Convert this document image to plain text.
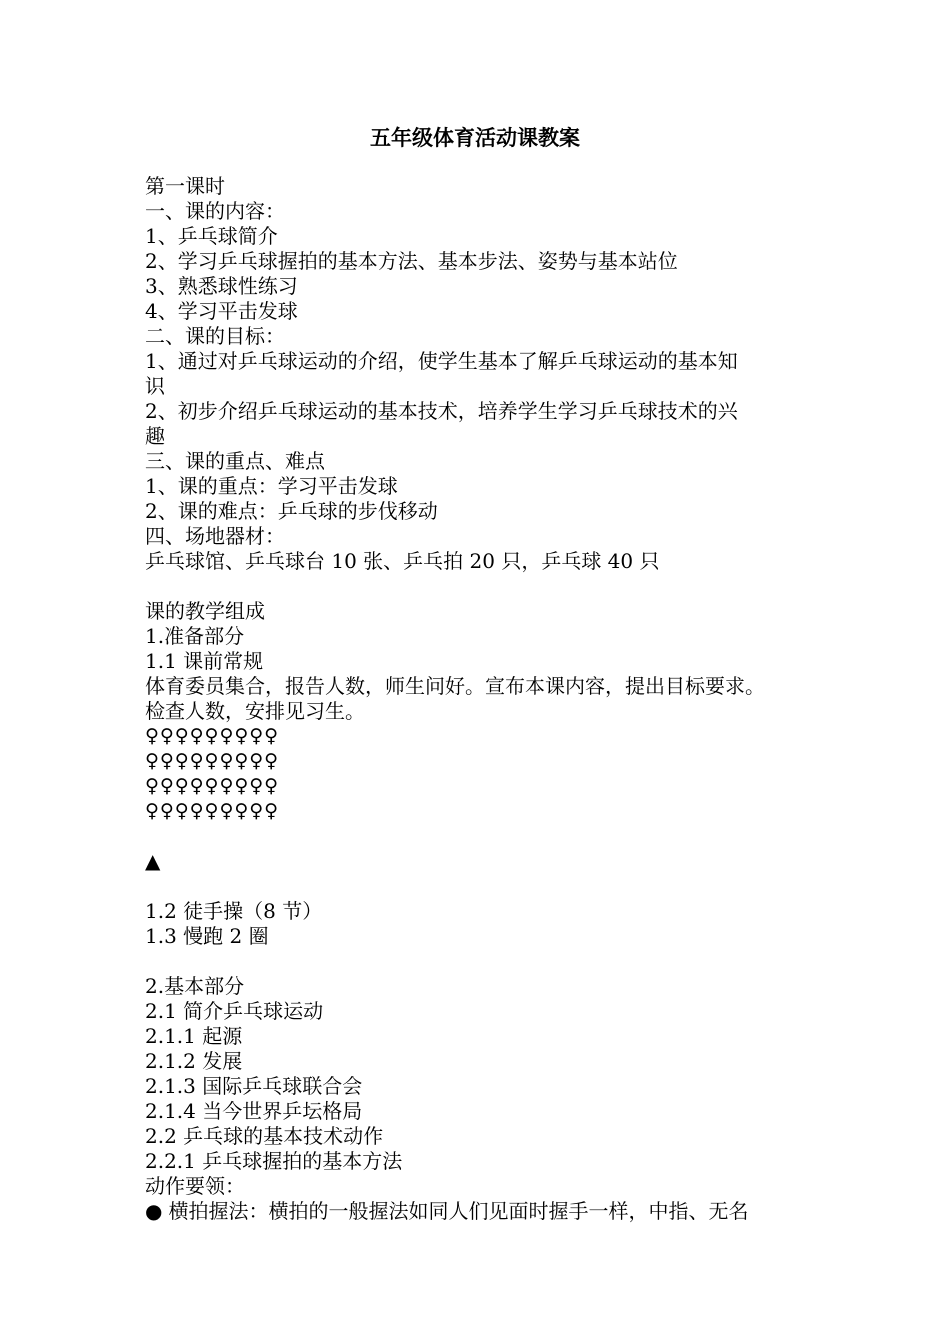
五年级体育活动课教案
第一课时
一、课的内容：
1、乒乓球简介
2、学习乒乓球握拍的基本方法、基本步法、姿势与基本站位
3、熟悉球性练习
4、学习平击发球
二、课的目标：
1、通过对乒乓球运动的介绍，使学生基本了解乒乓球运动的基本知
识
2、初步介绍乒乓球运动的基本技术，培养学生学习乒乓球技术的兴
趣
三、课的重点、难点
1、课的重点：学习平击发球
2、课的难点：乒乓球的步伐移动
四、场地器材：
乒乓球馆、乒乓球台 10 张、乒乓拍 20 只，乒乓球 40 只
课的教学组成
1.准备部分
1.1 课前常规
体育委员集合，报告人数，师生问好。宣布本课内容，提出目标要求。
检查人数，安排见习生。
♀♀♀♀♀♀♀♀♀
♀♀♀♀♀♀♀♀♀
♀♀♀♀♀♀♀♀♀
♀♀♀♀♀♀♀♀♀
▲
1.2 徒手操（8 节）
1.3 慢跑 2 圈
2.基本部分
2.1 简介乒乓球运动
2.1.1 起源
2.1.2 发展
2.1.3 国际乒乓球联合会
2.1.4 当今世界乒坛格局
2.2 乒乓球的基本技术动作
2.2.1 乒乓球握拍的基本方法
动作要领：
● 横拍握法：横拍的一般握法如同人们见面时握手一样，中指、无名
